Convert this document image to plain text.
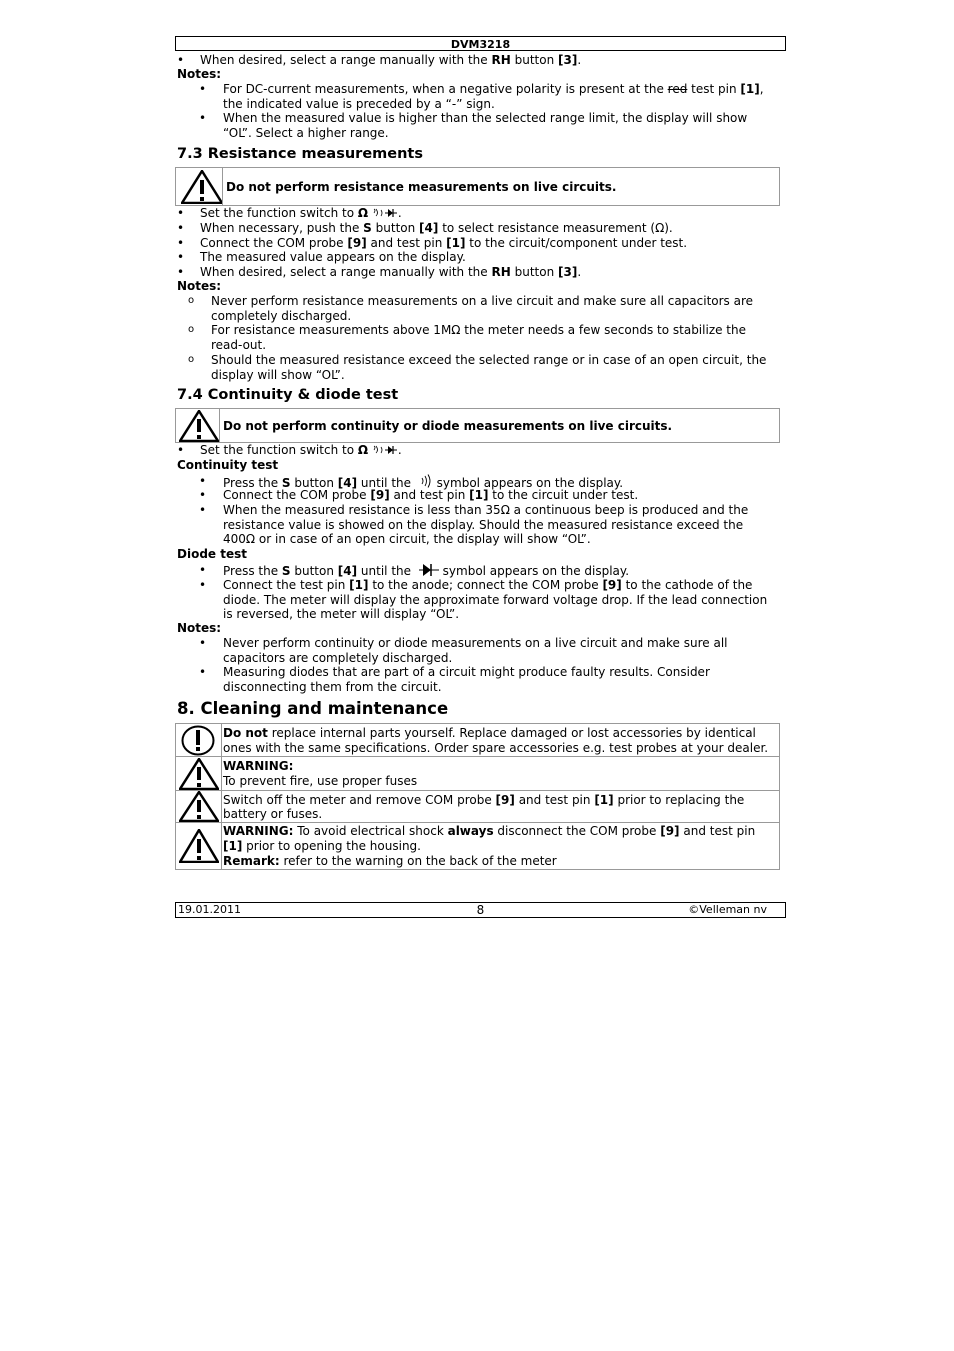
DVM3218
• When desired, select a range manually with the RH button [3].
Notes:
• For DC-current measurements, when a negative polarity is present at the red test pin [1],
the indicated value is preceded by a “-” sign.
• When the measured value is higher than the selected range limit, the display will show
“OL”. Select a higher range.
7.3 Resistance measurements
Do not perform resistance measurements on live circuits.
• Set the function switch to Ω .
• When necessary, push the S button [4] to select resistance measurement (Ω).
• Connect the COM probe [9] and test pin [1] to the circuit/component under test.
• The measured value appears on the display.
• When desired, select a range manually with the RH button [3].
Notes:
o Never perform resistance measurements on a live circuit and make sure all capacitors are
completely discharged.
o For resistance measurements above 1MΩ the meter needs a few seconds to stabilize the
read-out.
o Should the measured resistance exceed the selected range or in case of an open circuit, the
display will show “OL”.
7.4 Continuity & diode test
Do not perform continuity or diode measurements on live circuits.
• Set the function switch to Ω .
Continuity test
• Press the S button [4] until the
symbol appears on the display.
• Connect the COM probe [9] and test pin [1] to the circuit under test.
• When the measured resistance is less than 35Ω a continuous beep is produced and the
resistance value is showed on the display. Should the measured resistance exceed the
400Ω or in case of an open circuit, the display will show “OL”.
Diode test
• Press the S button [4] until the
symbol appears on the display.
• Connect the test pin [1] to the anode; connect the COM probe [9] to the cathode of the
diode. The meter will display the approximate forward voltage drop. If the lead connection
is reversed, the meter will display “OL”.
Notes:
• Never perform continuity or diode measurements on a live circuit and make sure all
capacitors are completely discharged.
• Measuring diodes that are part of a circuit might produce faulty results. Consider
disconnecting them from the circuit.
8. Cleaning and maintenance
Do not replace internal parts yourself. Replace damaged or lost accessories by identical
ones with the same specifications. Order spare accessories e.g. test probes at your dealer.
WARNING:
To prevent fire, use proper fuses
Switch off the meter and remove COM probe [9] and test pin [1] prior to replacing the
battery or fuses.
WARNING: To avoid electrical shock always disconnect the COM probe [9] and test pin
[1] prior to opening the housing.
Remark: refer to the warning on the back of the meter
19.01.2011	8	©Velleman nv
